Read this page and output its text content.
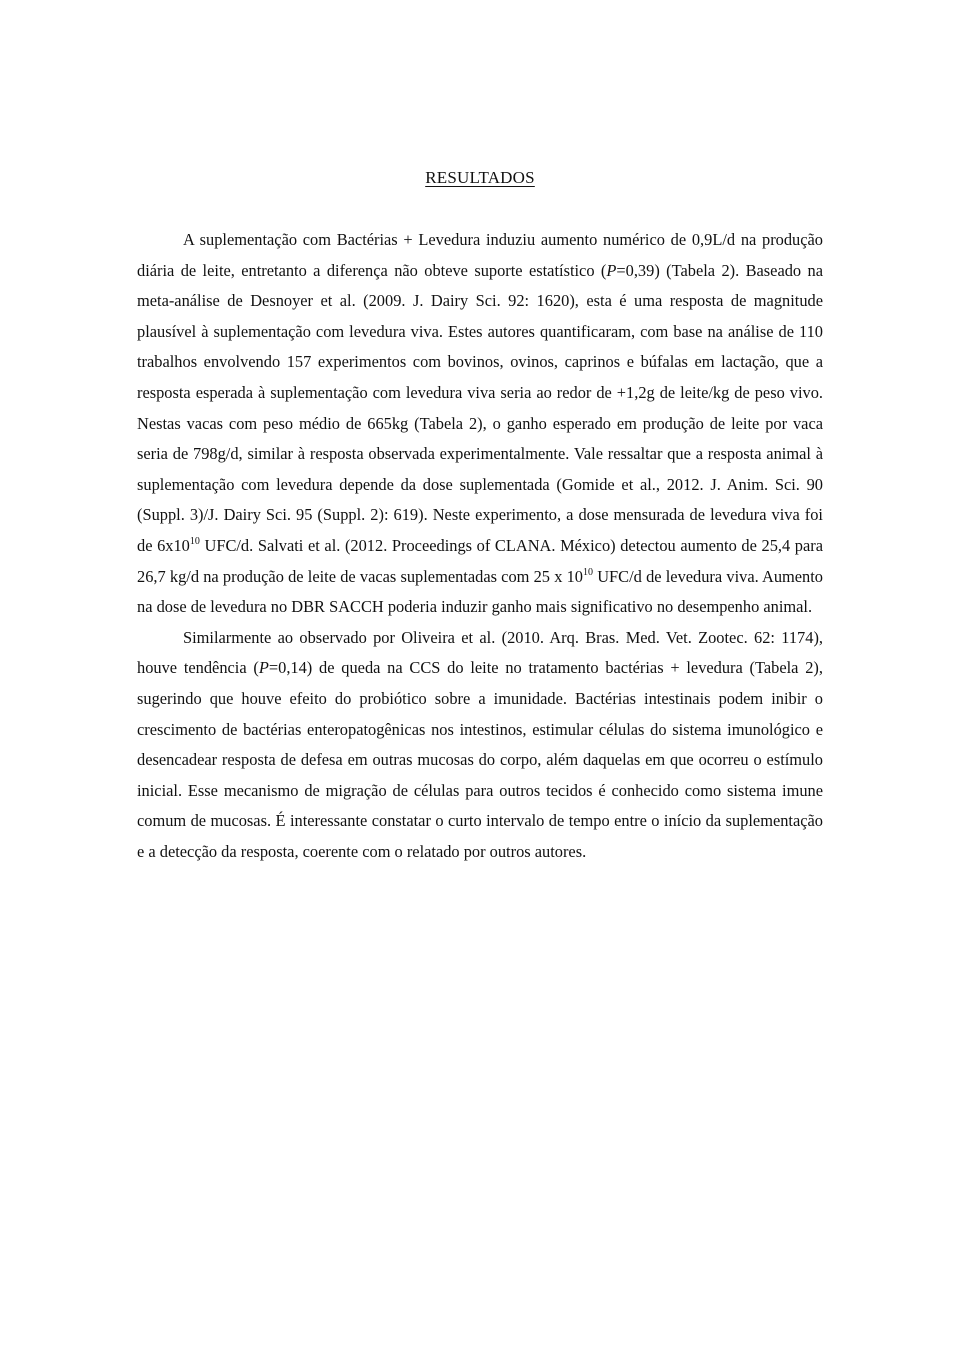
RESULTADOS

A suplementação com Bactérias + Levedura induziu aumento numérico de 0,9L/d na produção diária de leite, entretanto a diferença não obteve suporte estatístico (P=0,39) (Tabela 2). Baseado na meta-análise de Desnoyer et al. (2009. J. Dairy Sci. 92: 1620), esta é uma resposta de magnitude plausível à suplementação com levedura viva. Estes autores quantificaram, com base na análise de 110 trabalhos envolvendo 157 experimentos com bovinos, ovinos, caprinos e búfalas em lactação, que a resposta esperada à suplementação com levedura viva seria ao redor de +1,2g de leite/kg de peso vivo. Nestas vacas com peso médio de 665kg (Tabela 2), o ganho esperado em produção de leite por vaca seria de 798g/d, similar à resposta observada experimentalmente. Vale ressaltar que a resposta animal à suplementação com levedura depende da dose suplementada (Gomide et al., 2012. J. Anim. Sci. 90 (Suppl. 3)/J. Dairy Sci. 95 (Suppl. 2): 619). Neste experimento, a dose mensurada de levedura viva foi de $6x10^{10}$ UFC/d. Salvati et al. (2012. Proceedings of CLANA. México) detectou aumento de 25,4 para 26,7 kg/d na produção de leite de vacas suplementadas com 25 x $10^{10}$ UFC/d de levedura viva. Aumento na dose de levedura no DBR SACCH poderia induzir ganho mais significativo no desempenho animal.

Similarmente ao observado por Oliveira et al. (2010. Arq. Bras. Med. Vet. Zootec. 62: 1174), houve tendência (P=0,14) de queda na CCS do leite no tratamento bactérias + levedura (Tabela 2), sugerindo que houve efeito do probiótico sobre a imunidade. Bactérias intestinais podem inibir o crescimento de bactérias enteropatogênicas nos intestinos, estimular células do sistema imunológico e desencadear resposta de defesa em outras mucosas do corpo, além daquelas em que ocorreu o estímulo inicial. Esse mecanismo de migração de células para outros tecidos é conhecido como sistema imune comum de mucosas. É interessante constatar o curto intervalo de tempo entre o início da suplementação e a detecção da resposta, coerente com o relatado por outros autores.
